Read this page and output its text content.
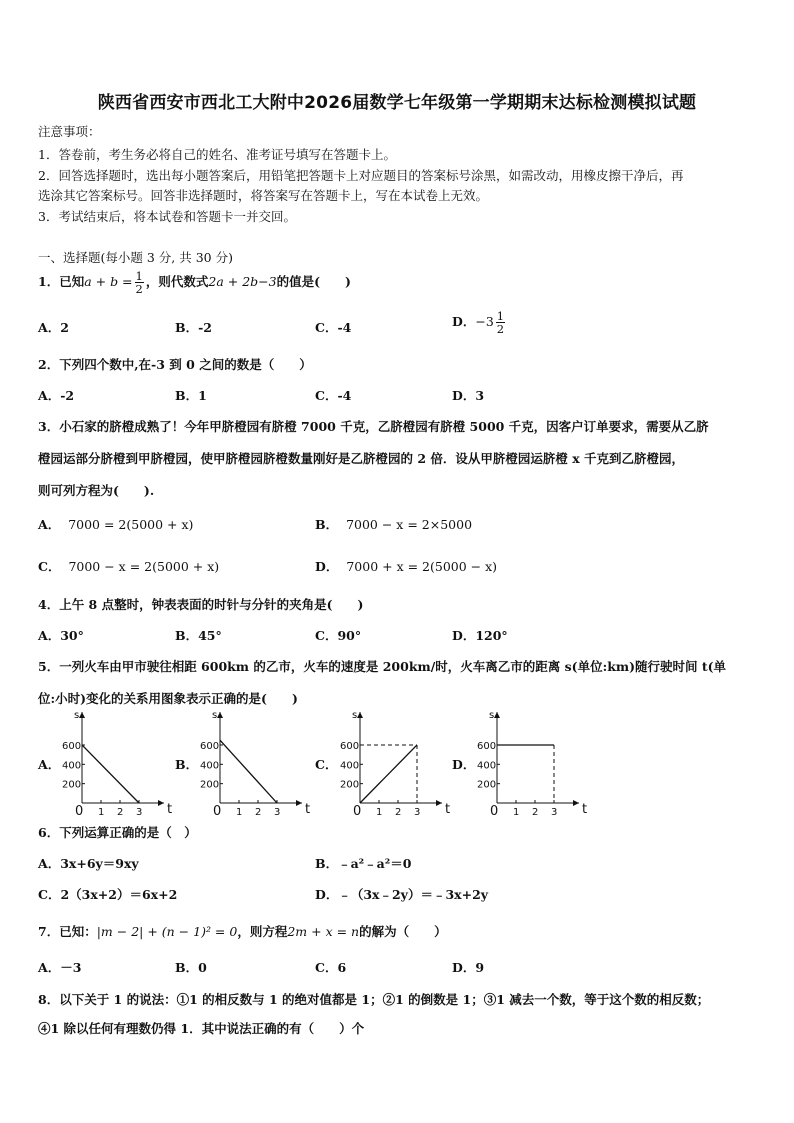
陕西省西安市西北工大附中2026届数学七年级第一学期期末达标检测模拟试题
注意事项：
1．答卷前，考生务必将自己的姓名、准考证号填写在答题卡上。
2．回答选择题时，选出每小题答案后，用铅笔把答题卡上对应题目的答案标号涂黑，如需改动，用橡皮擦干净后，再
选涂其它答案标号。回答非选择题时，将答案写在答题卡上，写在本试卷上无效。
3．考试结束后，将本试卷和答题卡一并交回。
一、选择题(每小题 3 分, 共 30 分)
1．已知$a + b = \frac{1}{2}$ ，则代数式2a + 2b−3的值是(　　)
A．2	B．-2	C．-4	D．$-3 \frac{1}{2}$
2．下列四个数中,在-3 到 0 之间的数是（　　）
A．-2	B．1	C．-4	D．3
3．小石家的脐橙成熟了！今年甲脐橙园有脐橙 7000 千克，乙脐橙园有脐橙 5000 千克，因客户订单要求，需要从乙脐
橙园运部分脐橙到甲脐橙园，使甲脐橙园脐橙数量刚好是乙脐橙园的 2 倍．设从甲脐橙园运脐橙 x 千克到乙脐橙园，
则可列方程为(　　).
A． 7000 = 2(5000 + x)	B． 7000 − x = 2×5000
C． 7000 − x = 2(5000 + x)	D． 7000 + x = 2(5000 − x)
4．上午 8 点整时，钟表表面的时针与分针的夹角是(　　)
A．30°	B．45°	C．90°	D．120°
5．一列火车由甲市驶往相距 600km 的乙市，火车的速度是 200km/时，火车离乙市的距离 s(单位:km)随行驶时间 t(单
位:小时)变化的关系用图象表示正确的是(　　)
A．	B．	C．	D．
s
t
600
400
200
0 1 2 3
s
t
600
400
200
0 1 2 3
s
t
600
400
200
0 1 2 3
s
t
600
400
200
0 1 2 3
6．下列运算正确的是（　）
A．3x+6y＝9xy	B．﹣a²﹣a²＝0
C．2（3x+2）＝6x+2	D．﹣（3x﹣2y）＝﹣3x+2y
7．已知：|m − 2| + (n − 1)² = 0，则方程2m + x = n的解为（　　）
A．－3	B．0	C．6	D．9
8．以下关于 1 的说法：①1 的相反数与 1 的绝对值都是 1；②1 的倒数是 1；③1 减去一个数，等于这个数的相反数；
④1 除以任何有理数仍得 1．其中说法正确的有（　　）个
